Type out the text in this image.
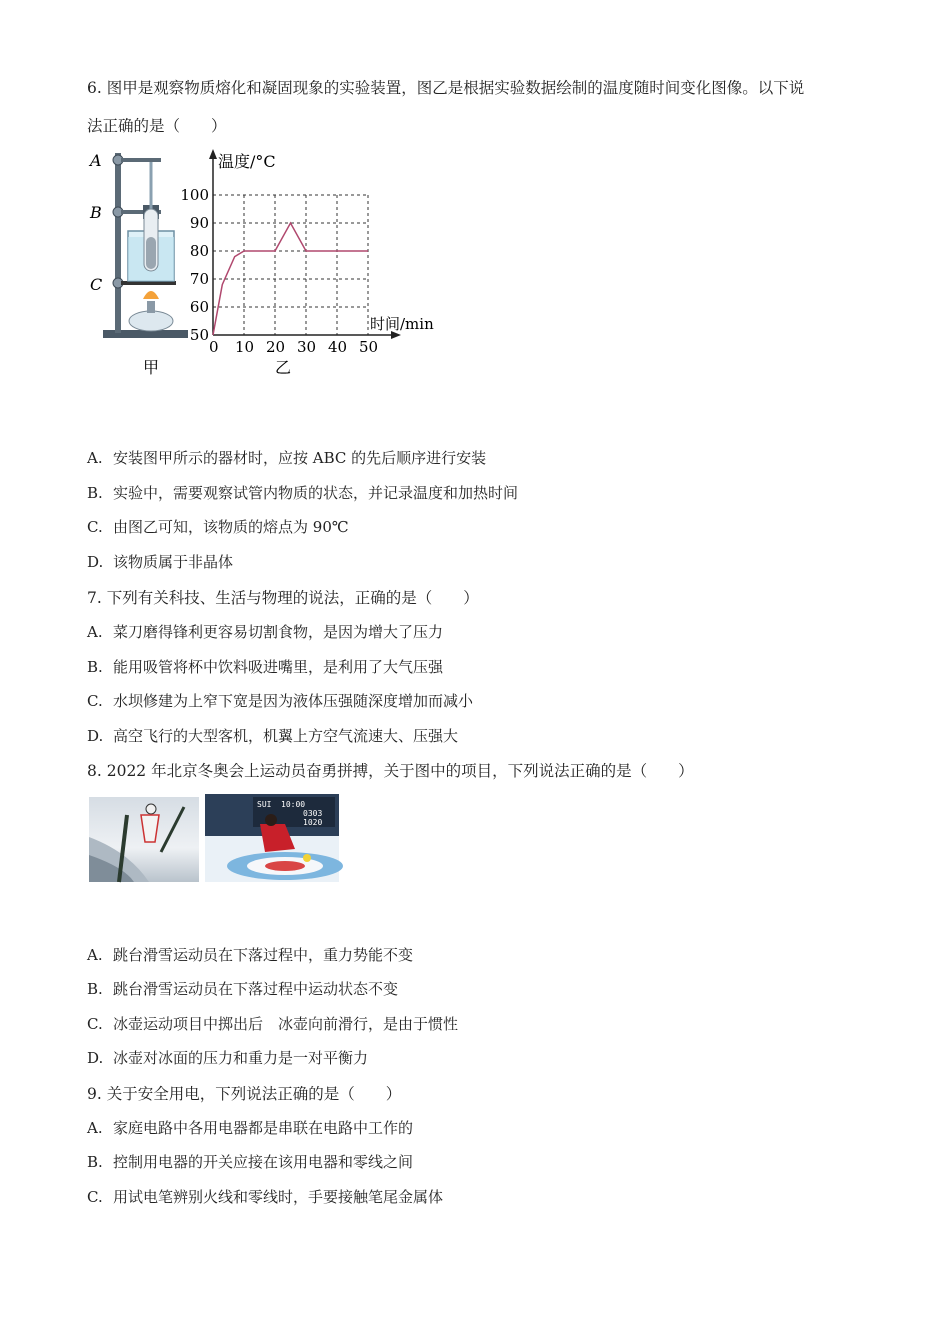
6. 图甲是观察物质熔化和凝固现象的实验装置，图乙是根据实验数据绘制的温度随时间变化图像。以下说
法正确的是（　　）
A
B
C
甲
0 10 20 30 40 50
50
60
70
80
90
100
温度/°C
时间/min
乙
A. 安装图甲所示的器材时，应按 ABC 的先后顺序进行安装
B. 实验中，需要观察试管内物质的状态，并记录温度和加热时间
C. 由图乙可知，该物质的熔点为 90℃
D. 该物质属于非晶体
7. 下列有关科技、生活与物理的说法，正确的是（　　）
A. 菜刀磨得锋利更容易切割食物，是因为增大了压力
B. 能用吸管将杯中饮料吸进嘴里，是利用了大气压强
C. 水坝修建为上窄下宽是因为液体压强随深度增加而减小
D. 高空飞行的大型客机，机翼上方空气流速大、压强大
8. 2022 年北京冬奥会上运动员奋勇拼搏，关于图中的项目，下列说法正确的是（　　）
SUI 10:00
0303
1020
A. 跳台滑雪运动员在下落过程中，重力势能不变
B. 跳台滑雪运动员在下落过程中运动状态不变
C. 冰壶运动项目中掷出后　冰壶向前滑行，是由于惯性
D. 冰壶对冰面的压力和重力是一对平衡力
9. 关于安全用电，下列说法正确的是（　　）
A. 家庭电路中各用电器都是串联在电路中工作的
B. 控制用电器的开关应接在该用电器和零线之间
C. 用试电笔辨别火线和零线时，手要接触笔尾金属体
